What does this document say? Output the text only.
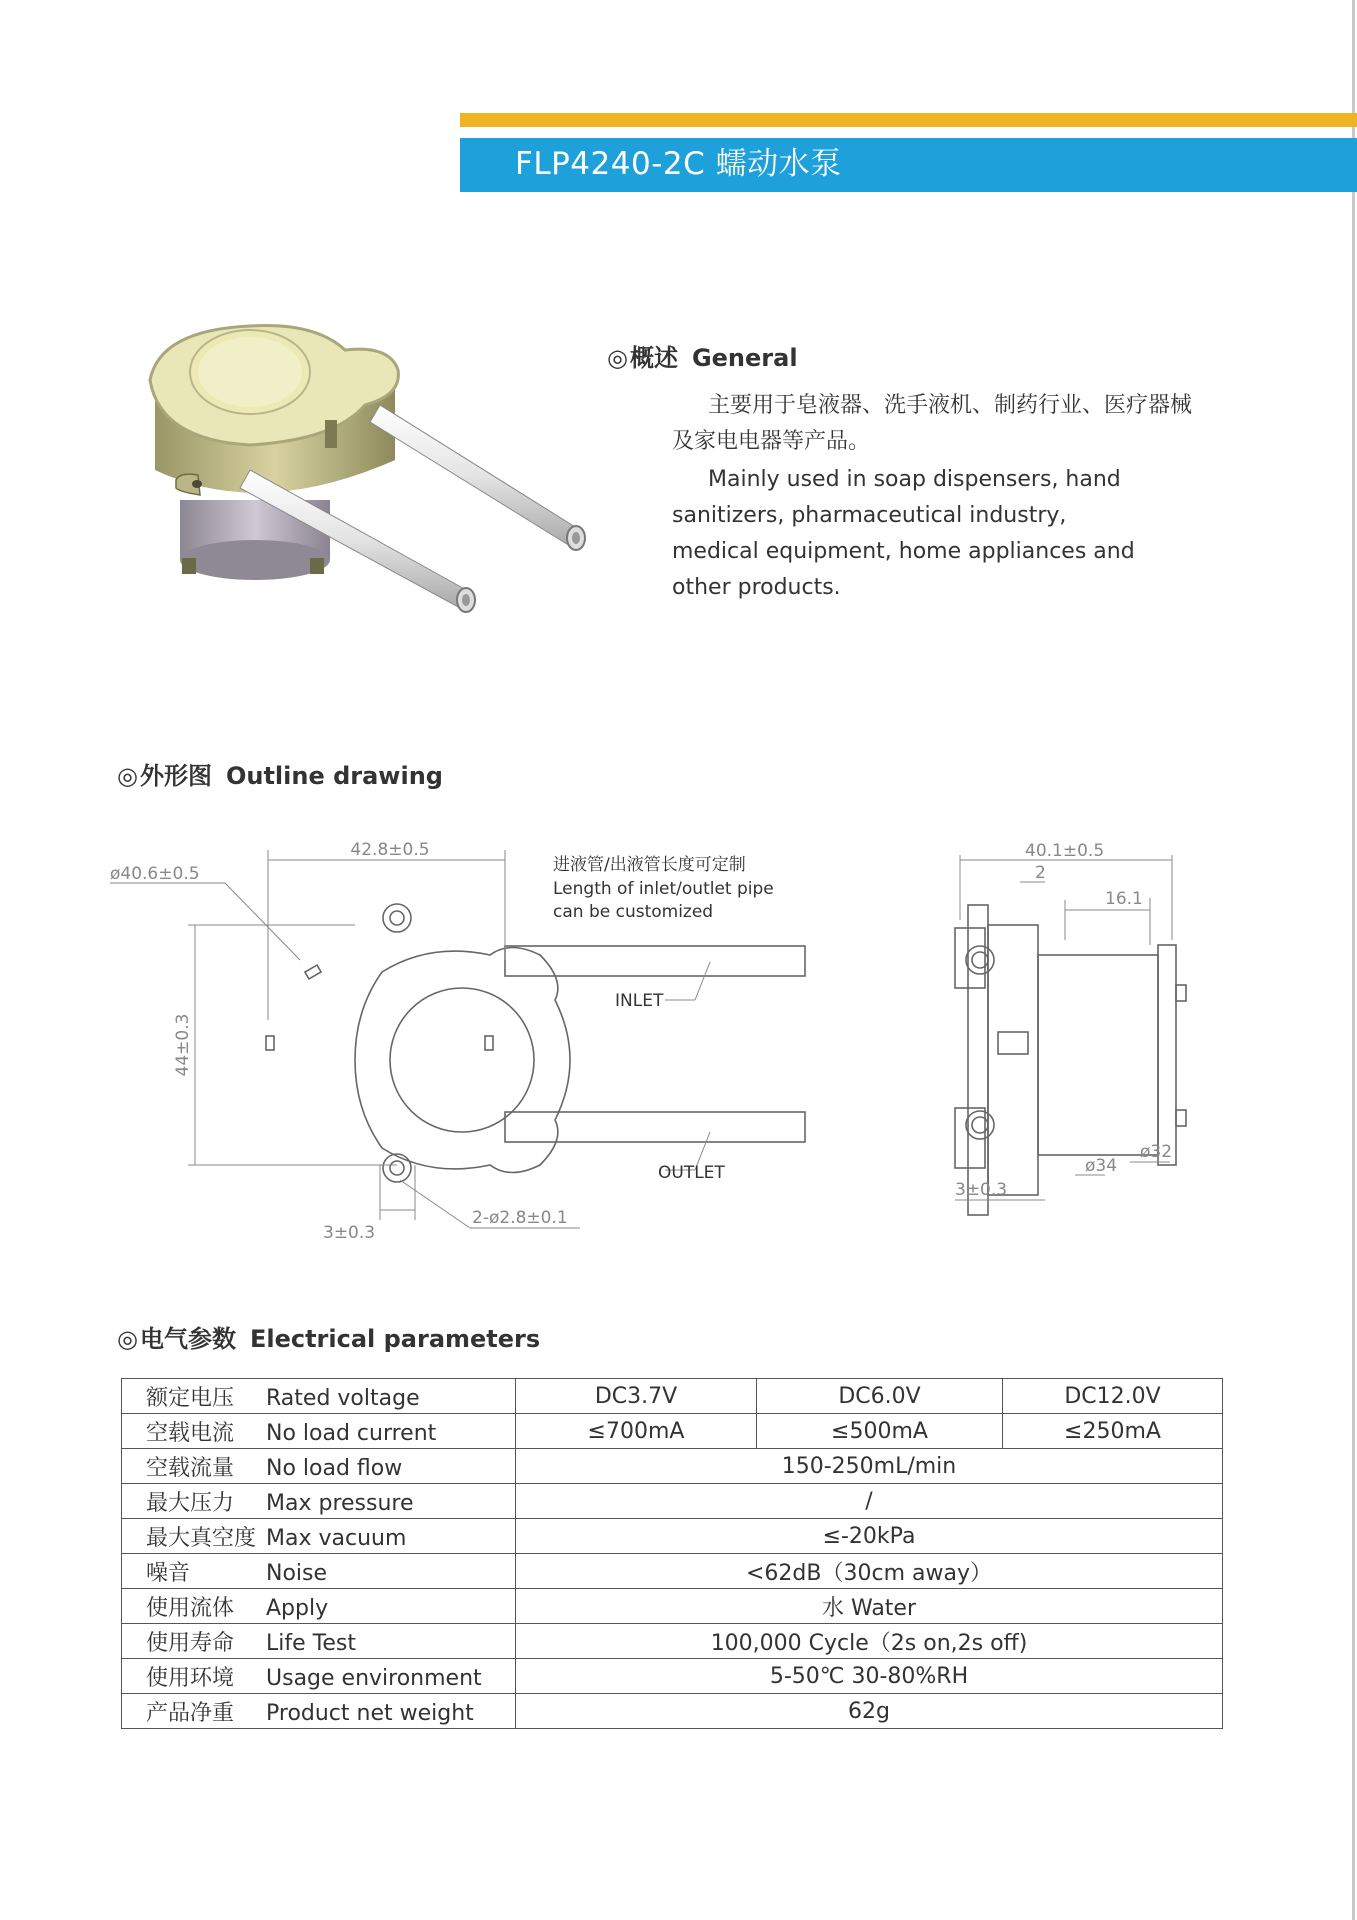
FLP4240-2C 蠕动水泵
◎概述 General
主要用于皂液器、洗手液机、制药行业、医疗器械及家电电器等产品。
Mainly used in soap dispensers, hand sanitizers, pharmaceutical industry, medical equipment, home appliances and other products.
◎外形图 Outline drawing
42.8±0.5
ø40.6±0.5
44±0.3
3±0.3
2-ø2.8±0.1
进液管/出液管长度可定制
Length of inlet/outlet pipe
can be customized
INLET
OUTLET
40.1±0.5
2
16.1
ø32
ø34
3±0.3
◎电气参数 Electrical parameters
额定电压 Rated voltage	DC3.7V	DC6.0V	DC12.0V
空载电流 No load current	≤700mA	≤500mA	≤250mA
空载流量 No load flow	150-250mL/min		
最大压力 Max pressure	/		
最大真空度 Max vacuum	≤-20kPa		
噪音 Noise	<62dB（30cm away）		
使用流体 Apply	水 Water		
使用寿命 Life Test	100,000 Cycle（2s on,2s off)		
使用环境 Usage environment	5-50℃ 30-80%RH		
产品净重 Product net weight	62g		
